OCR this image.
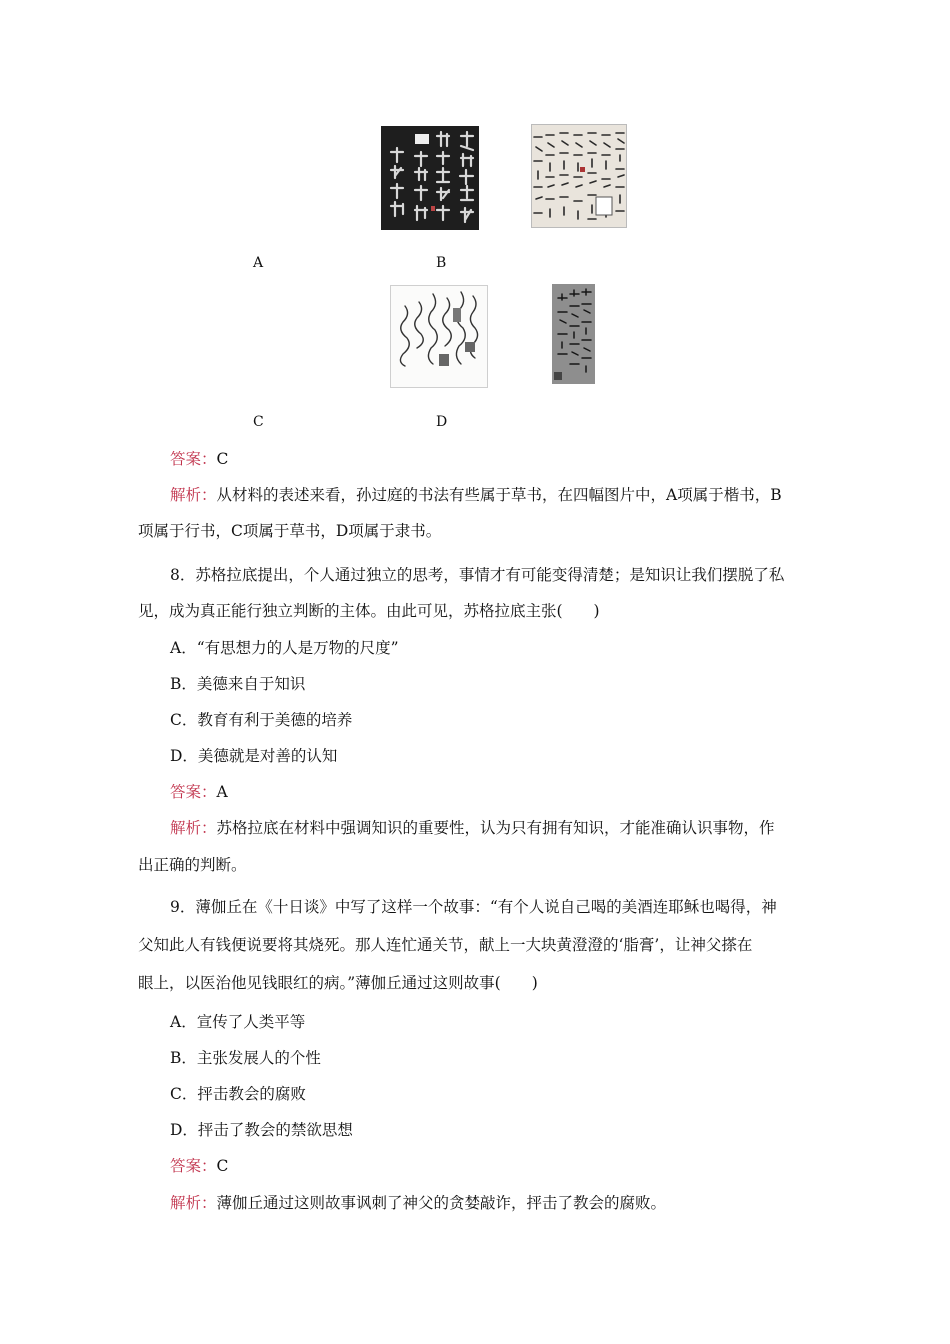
A	B
C	D
答案：C
解析：从材料的表述来看，孙过庭的书法有些属于草书，在四幅图片中，A项属于楷书，B
项属于行书，C项属于草书，D项属于隶书。
8．苏格拉底提出，个人通过独立的思考，事情才有可能变得清楚；是知识让我们摆脱了私
见，成为真正能行独立判断的主体。由此可见，苏格拉底主张(　　)
A．“有思想力的人是万物的尺度”
B．美德来自于知识
C．教育有利于美德的培养
D．美德就是对善的认知
答案：A
解析：苏格拉底在材料中强调知识的重要性，认为只有拥有知识，才能准确认识事物，作
出正确的判断。
9．薄伽丘在《十日谈》中写了这样一个故事：“有个人说自己喝的美酒连耶稣也喝得，神
父知此人有钱便说要将其烧死。那人连忙通关节，献上一大块黄澄澄的‘脂膏’，让神父搽在
眼上，以医治他见钱眼红的病。”薄伽丘通过这则故事(　　)
A．宣传了人类平等
B．主张发展人的个性
C．抨击教会的腐败
D．抨击了教会的禁欲思想
答案：C
解析：薄伽丘通过这则故事讽刺了神父的贪婪敲诈，抨击了教会的腐败。
